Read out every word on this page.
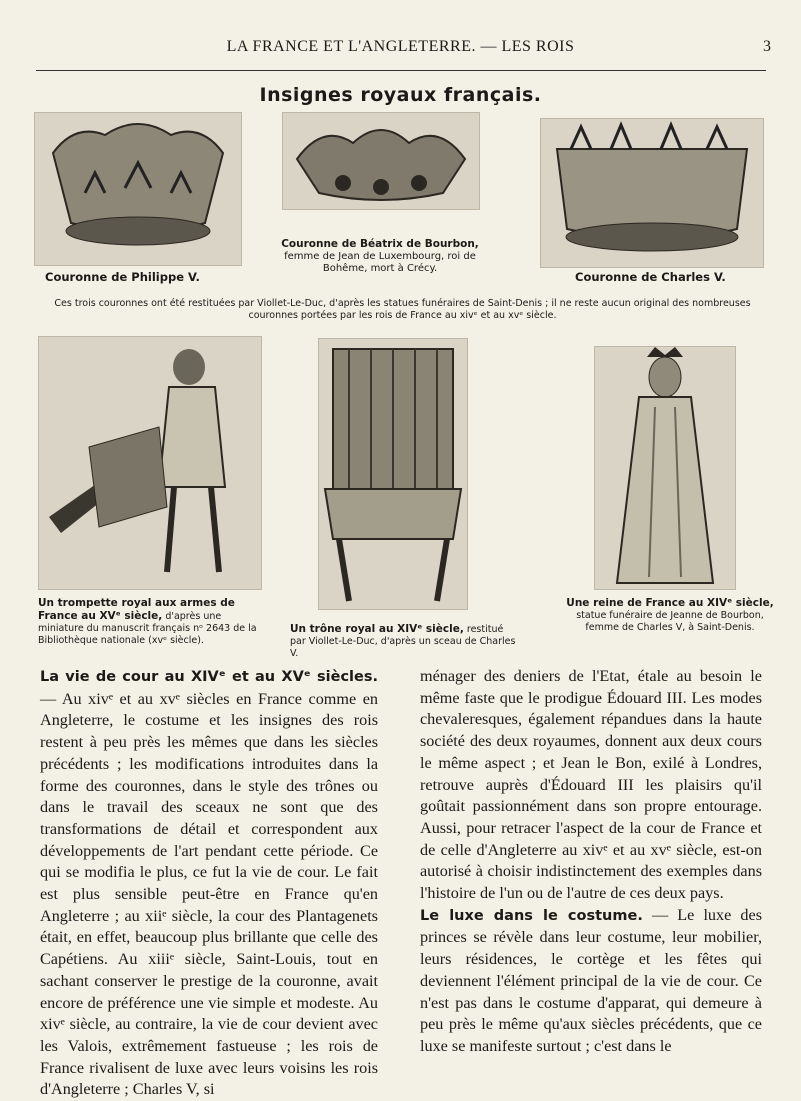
LA FRANCE ET L'ANGLETERRE. — LES ROIS	3
Insignes royaux français.
Couronne de Philippe V.
Couronne de Béatrix de Bourbon, femme de Jean de Luxembourg, roi de Bohême, mort à Crécy.
Couronne de Charles V.
Ces trois couronnes ont été restituées par Viollet-Le-Duc, d'après les statues funéraires de Saint-Denis ; il ne reste aucun original des nombreuses couronnes portées par les rois de France au xivᵉ et au xvᵉ siècle.
Un trompette royal aux armes de France au XVᵉ siècle, d'après une miniature du manuscrit français nᵒ 2643 de la Bibliothèque nationale (xvᵉ siècle).
Un trône royal au XIVᵉ siècle, restitué par Viollet-Le-Duc, d'après un sceau de Charles V.
Une reine de France au XIVᵉ siècle, statue funéraire de Jeanne de Bourbon, femme de Charles V, à Saint-Denis.

La vie de cour au XIVᵉ et au XVᵉ siècles. — Au xivᵉ et au xvᵉ siècles en France comme en Angleterre, le costume et les insignes des rois restent à peu près les mêmes que dans les siècles précédents ; les modifications introduites dans la forme des couronnes, dans le style des trônes ou dans le travail des sceaux ne sont que des transformations de détail et correspondent aux développements de l'art pendant cette période. Ce qui se modifia le plus, ce fut la vie de cour. Le fait est plus sensible peut-être en France qu'en Angleterre ; au xiiᵉ siècle, la cour des Plantagenets était, en effet, beaucoup plus brillante que celle des Capétiens. Au xiiiᵉ siècle, Saint-Louis, tout en sachant conserver le prestige de la couronne, avait encore de préférence une vie simple et modeste. Au xivᵉ siècle, au contraire, la vie de cour devient avec les Valois, extrêmement fastueuse ; les rois de France rivalisent de luxe avec leurs voisins les rois d'Angleterre ; Charles V, si

ménager des deniers de l'Etat, étale au besoin le même faste que le prodigue Édouard III. Les modes chevaleresques, également répandues dans la haute société des deux royaumes, donnent aux deux cours le même aspect ; et Jean le Bon, exilé à Londres, retrouve auprès d'Édouard III les plaisirs qu'il goûtait passionnément dans son propre entourage. Aussi, pour retracer l'aspect de la cour de France et de celle d'Angleterre au xivᵉ et au xvᵉ siècle, est-on autorisé à choisir indistinctement des exemples dans l'histoire de l'un ou de l'autre de ces deux pays.

Le luxe dans le costume. — Le luxe des princes se révèle dans leur costume, leur mobilier, leurs résidences, le cortège et les fêtes qui deviennent l'élément principal de la vie de cour. Ce n'est pas dans le costume d'apparat, qui demeure à peu près le même qu'aux siècles précédents, que ce luxe se manifeste surtout ; c'est dans le
